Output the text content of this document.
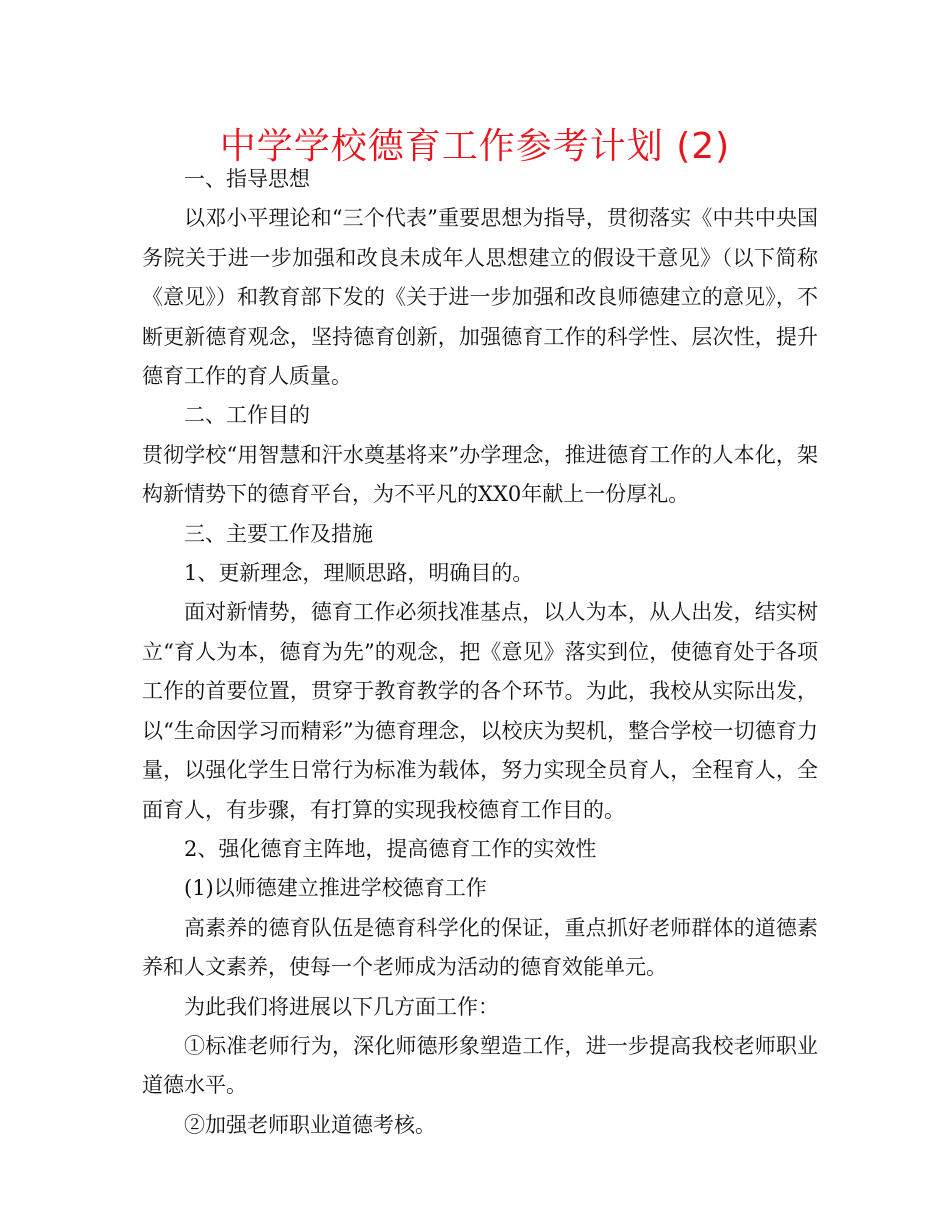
中学学校德育工作参考计划 (2)

一、指导思想

以邓小平理论和“三个代表”重要思想为指导，贯彻落实《中共中央国务院关于进一步加强和改良未成年人思想建立的假设干意见》（以下简称《意见》）和教育部下发的《关于进一步加强和改良师德建立的意见》，不断更新德育观念，坚持德育创新，加强德育工作的科学性、层次性，提升德育工作的育人质量。

二、工作目的

贯彻学校“用智慧和汗水奠基将来”办学理念，推进德育工作的人本化，架构新情势下的德育平台，为不平凡的XX0年献上一份厚礼。

三、主要工作及措施

1、更新理念，理顺思路，明确目的。

面对新情势，德育工作必须找准基点，以人为本，从人出发，结实树立“育人为本，德育为先”的观念，把《意见》落实到位，使德育处于各项工作的首要位置，贯穿于教育教学的各个环节。为此，我校从实际出发，以“生命因学习而精彩”为德育理念，以校庆为契机，整合学校一切德育力量，以强化学生日常行为标准为载体，努力实现全员育人，全程育人，全面育人，有步骤，有打算的实现我校德育工作目的。

2、强化德育主阵地，提高德育工作的实效性

(1)以师德建立推进学校德育工作

高素养的德育队伍是德育科学化的保证，重点抓好老师群体的道德素养和人文素养，使每一个老师成为活动的德育效能单元。

为此我们将进展以下几方面工作：

①标准老师行为，深化师德形象塑造工作，进一步提高我校老师职业道德水平。

②加强老师职业道德考核。
